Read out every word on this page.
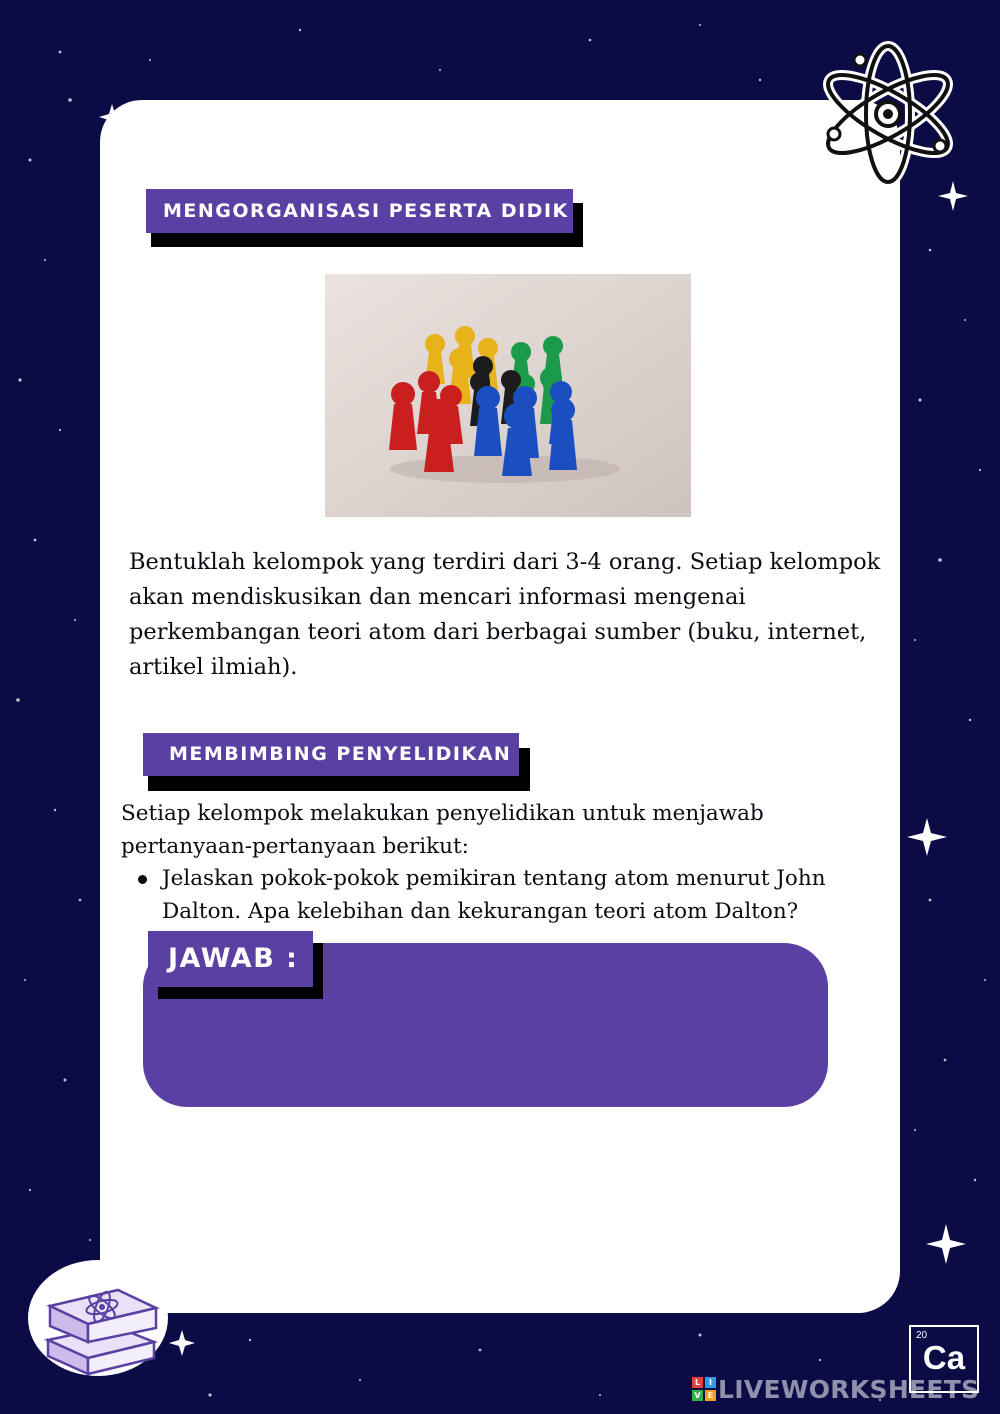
MENGORGANISASI PESERTA DIDIK
Bentuklah kelompok yang terdiri dari 3-4 orang. Setiap kelompok akan mendiskusikan dan mencari informasi mengenai perkembangan teori atom dari berbagai sumber (buku, internet, artikel ilmiah).
MEMBIMBING PENYELIDIKAN
Setiap kelompok melakukan penyelidikan untuk menjawab pertanyaan-pertanyaan berikut:
Jelaskan pokok-pokok pemikiran tentang atom menurut John Dalton. Apa kelebihan dan kekurangan teori atom Dalton?
JAWAB :
20
Ca
L	I
V E LIVEWORKSHEETS
